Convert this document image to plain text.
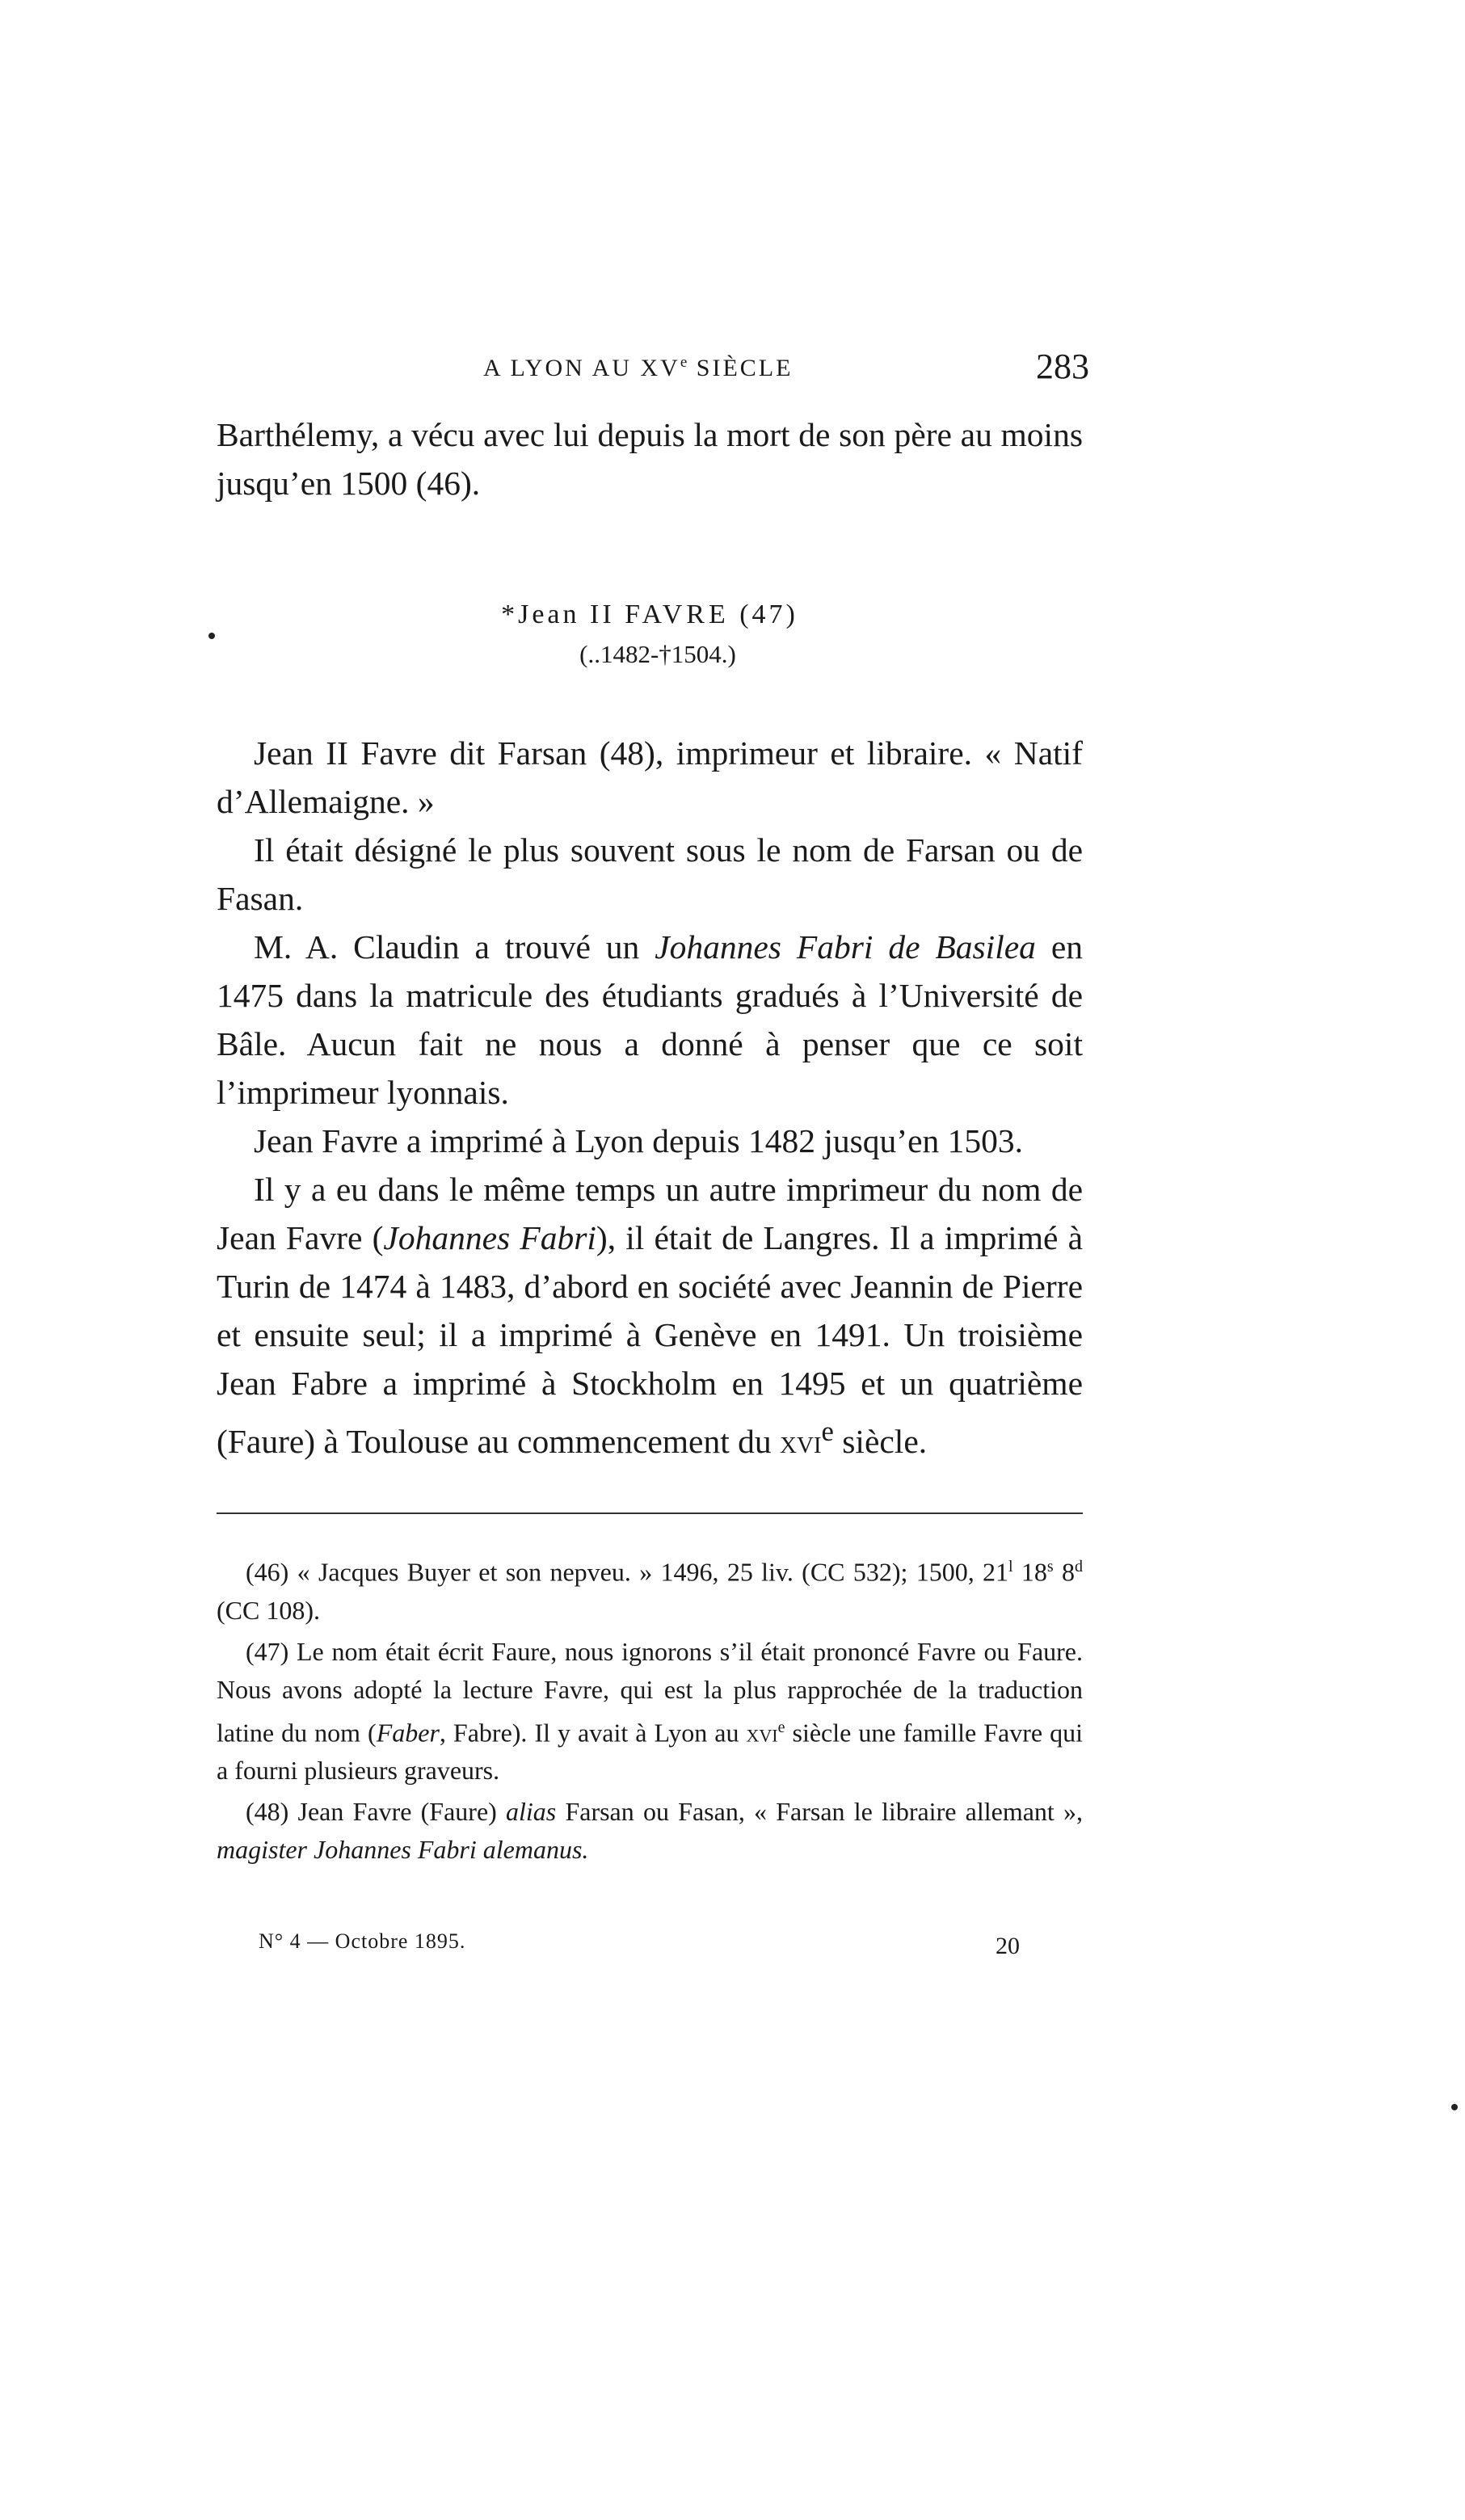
A LYON AU XVe SIÈCLE	283

Barthélemy, a vécu avec lui depuis la mort de son père au moins jusqu’en 1500 (46).

*Jean II FAVRE (47)
(..1482-†1504.)

Jean II Favre dit Farsan (48), imprimeur et libraire. « Natif d’Allemaigne. »

Il était désigné le plus souvent sous le nom de Farsan ou de Fasan.

M. A. Claudin a trouvé un Johannes Fabri de Basilea en 1475 dans la matricule des étudiants gradués à l’Université de Bâle. Aucun fait ne nous a donné à penser que ce soit l’imprimeur lyonnais.

Jean Favre a imprimé à Lyon depuis 1482 jusqu’en 1503.

Il y a eu dans le même temps un autre imprimeur du nom de Jean Favre (Johannes Fabri), il était de Langres. Il a imprimé à Turin de 1474 à 1483, d’abord en société avec Jeannin de Pierre et ensuite seul; il a imprimé à Genève en 1491. Un troisième Jean Fabre a imprimé à Stockholm en 1495 et un quatrième (Faure) à Toulouse au commencement du xvi$^e$ siècle.

(46) « Jacques Buyer et son nepveu. » 1496, 25 liv. (CC 532); 1500, 21$^l$ 18$^s$ 8$^d$ (CC 108).

(47) Le nom était écrit Faure, nous ignorons s’il était prononcé Favre ou Faure. Nous avons adopté la lecture Favre, qui est la plus rapprochée de la traduction latine du nom (Faber, Fabre). Il y avait à Lyon au xvi$^e$ siècle une famille Favre qui a fourni plusieurs graveurs.

(48) Jean Favre (Faure) alias Farsan ou Fasan, « Farsan le libraire allemant », magister Johannes Fabri alemanus.

N° 4 — Octobre 1895.	20
